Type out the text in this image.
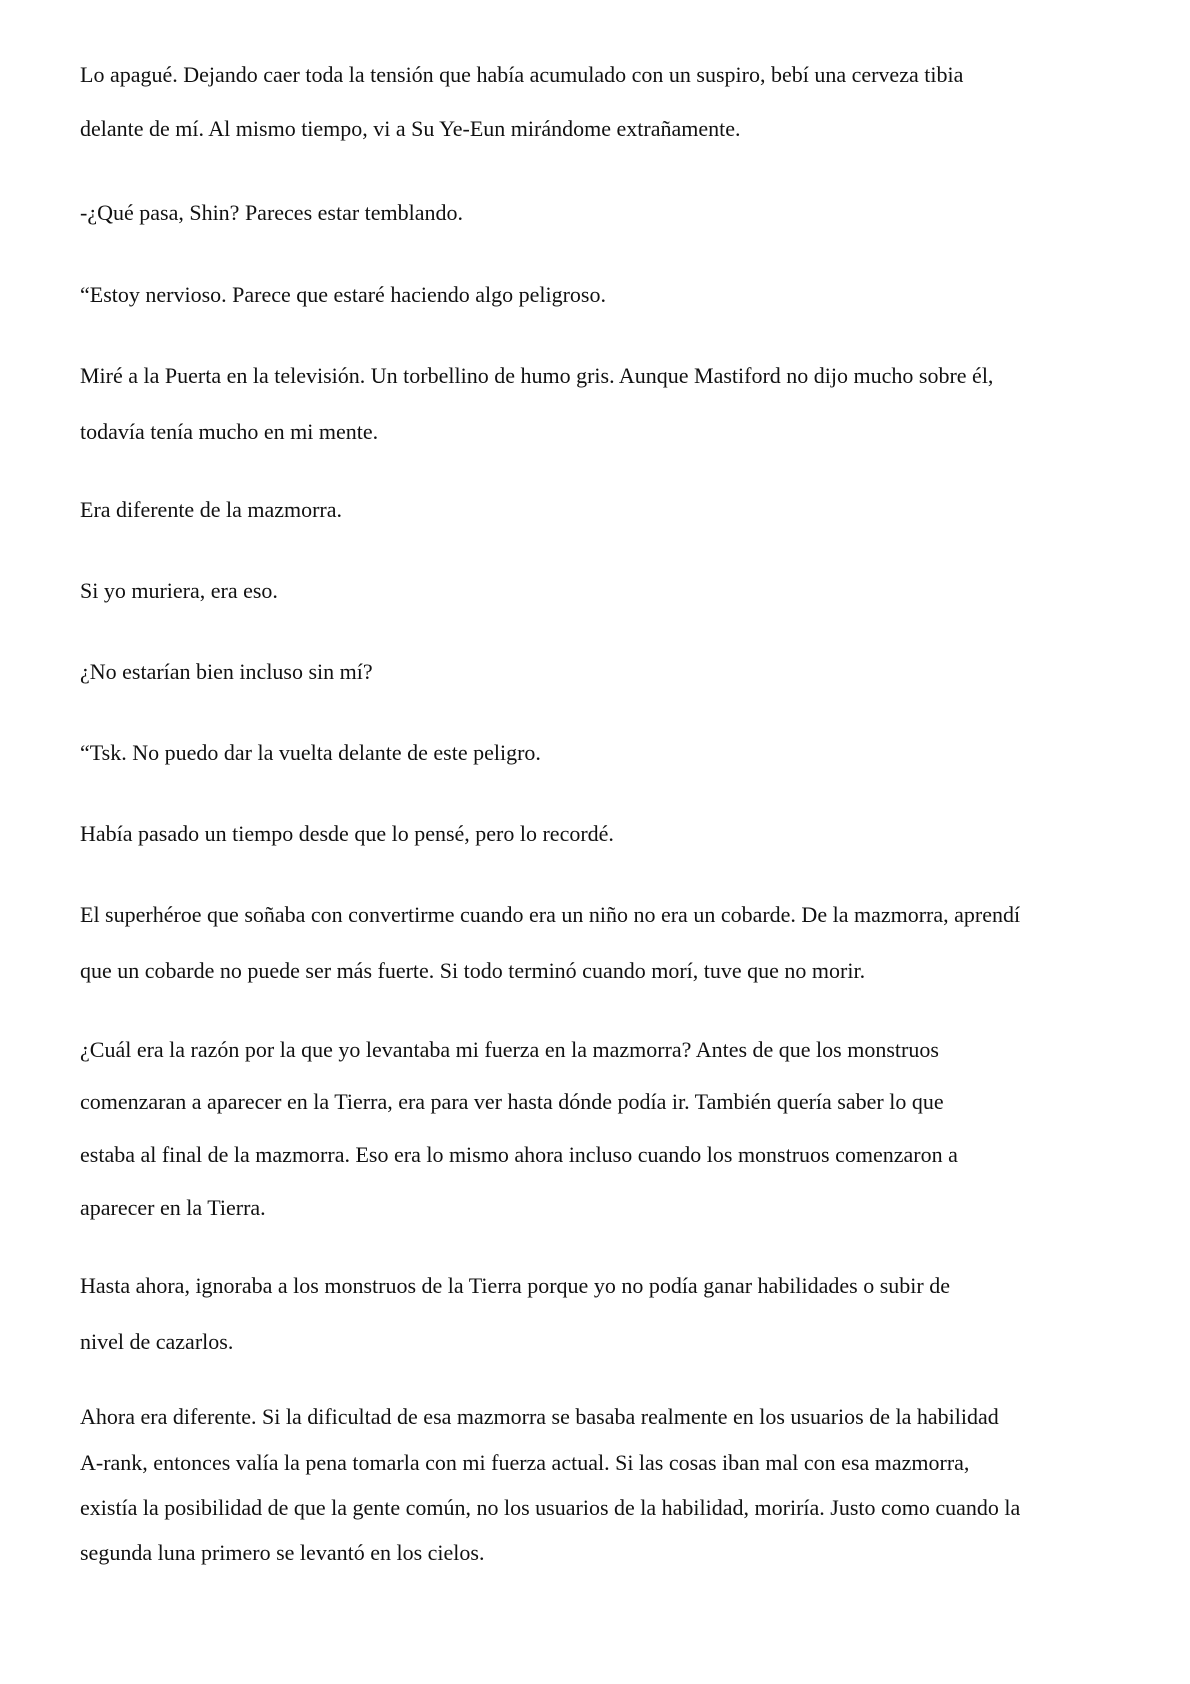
Lo apagué. Dejando caer toda la tensión que había acumulado con un suspiro, bebí una cerveza tibia

delante de mí. Al mismo tiempo, vi a Su Ye-Eun mirándome extrañamente.

-¿Qué pasa, Shin? Pareces estar temblando.

“Estoy nervioso. Parece que estaré haciendo algo peligroso.

Miré a la Puerta en la televisión. Un torbellino de humo gris. Aunque Mastiford no dijo mucho sobre él,

todavía tenía mucho en mi mente.

Era diferente de la mazmorra.

Si yo muriera, era eso.

¿No estarían bien incluso sin mí?

“Tsk. No puedo dar la vuelta delante de este peligro.

Había pasado un tiempo desde que lo pensé, pero lo recordé.

El superhéroe que soñaba con convertirme cuando era un niño no era un cobarde. De la mazmorra, aprendí

que un cobarde no puede ser más fuerte. Si todo terminó cuando morí, tuve que no morir.

¿Cuál era la razón por la que yo levantaba mi fuerza en la mazmorra? Antes de que los monstruos

comenzaran a aparecer en la Tierra, era para ver hasta dónde podía ir. También quería saber lo que

estaba al final de la mazmorra. Eso era lo mismo ahora incluso cuando los monstruos comenzaron a

aparecer en la Tierra.

Hasta ahora, ignoraba a los monstruos de la Tierra porque yo no podía ganar habilidades o subir de

nivel de cazarlos.

Ahora era diferente. Si la dificultad de esa mazmorra se basaba realmente en los usuarios de la habilidad

A-rank, entonces valía la pena tomarla con mi fuerza actual. Si las cosas iban mal con esa mazmorra,

existía la posibilidad de que la gente común, no los usuarios de la habilidad, moriría. Justo como cuando la

segunda luna primero se levantó en los cielos.
